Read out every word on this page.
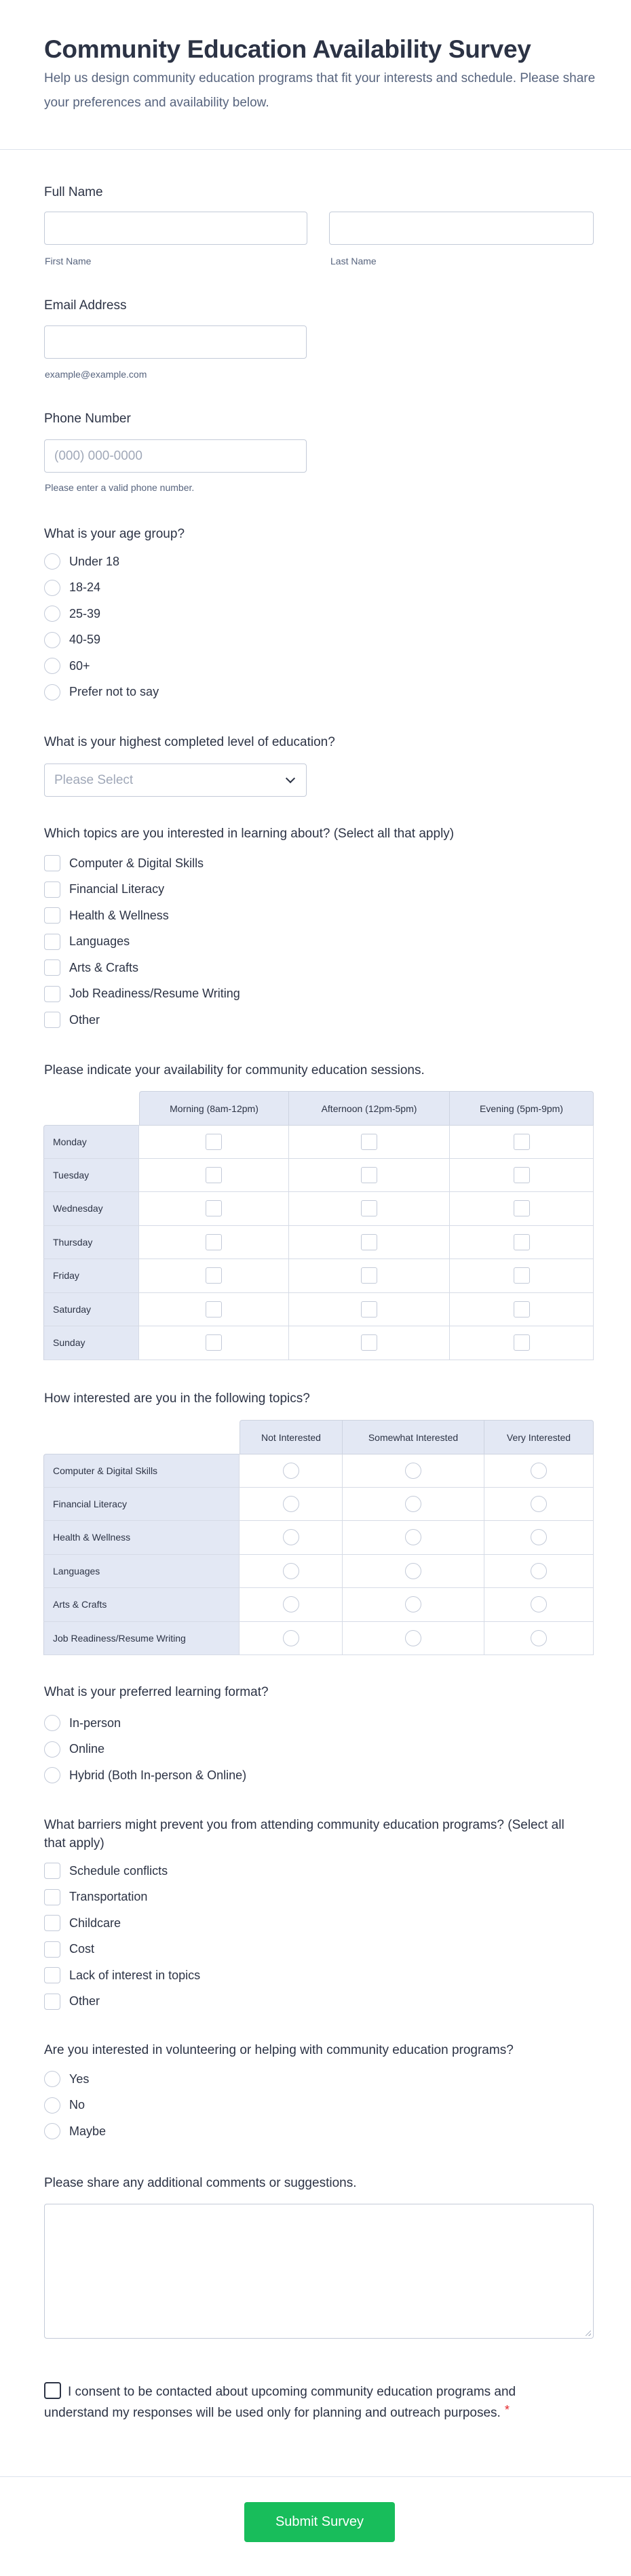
Community Education Availability Survey
Help us design community education programs that fit your interests and schedule. Please share your preferences and availability below.
Full Name
First Name	Last Name
Email Address
example@example.com
Phone Number
(000) 000-0000
Please enter a valid phone number.
What is your age group?
Under 18
18-24
25-39
40-59
60+
Prefer not to say
What is your highest completed level of education?
Please Select
Which topics are you interested in learning about? (Select all that apply)
Computer & Digital Skills
Financial Literacy
Health & Wellness
Languages
Arts & Crafts
Job Readiness/Resume Writing
Other
Please indicate your availability for community education sessions.
	Morning (8am-12pm)	Afternoon (12pm-5pm)	Evening (5pm-9pm)
Monday			
Tuesday			
Wednesday			
Thursday			
Friday			
Saturday			
Sunday			
How interested are you in the following topics?
	Not Interested	Somewhat Interested	Very Interested
Computer & Digital Skills			
Financial Literacy			
Health & Wellness			
Languages			
Arts & Crafts			
Job Readiness/Resume Writing			
What is your preferred learning format?
In-person
Online
Hybrid (Both In-person & Online)
What barriers might prevent you from attending community education programs? (Select all that apply)
Schedule conflicts
Transportation
Childcare
Cost
Lack of interest in topics
Other
Are you interested in volunteering or helping with community education programs?
Yes
No
Maybe
Please share any additional comments or suggestions.
I consent to be contacted about upcoming community education programs and understand my responses will be used only for planning and outreach purposes. *
Submit Survey
